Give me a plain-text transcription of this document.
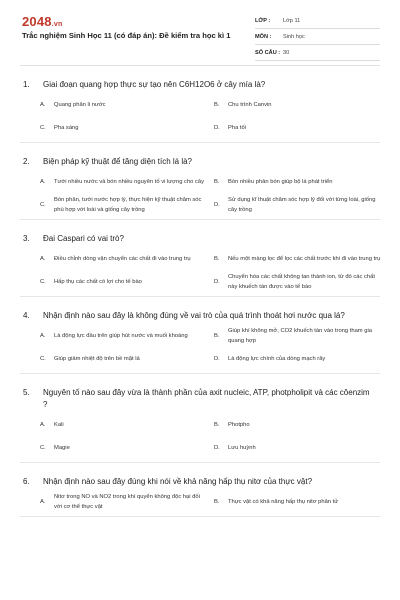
2048.vn
Trắc nghiệm Sinh Học 11 (có đáp án): Đề kiểm tra học kì 1
LỚP :	Lớp 11
MÔN :	Sinh học
SỐ CÂU : 30
1.	Giai đoạn quang hợp thực sự tạo nên C6H12O6 ở cây mía là?
A.	Quang phân li nước	B.	Chu trình Canvin
C.	Pha sáng	D.	Pha tối
2.	Biện pháp kỹ thuật để tăng diện tích lá là?
A.	Tưới nhiều nước và bón nhiều nguyên tố vi lượng cho cây	B.	Bón nhiều phân bón giúp bộ lá phát triển
C.
Bón phân, tưới nước hợp lý, thực hiện kỹ thuật chăm sóc phù hợp với loài và giống cây trồng
D.
Sử dụng kĩ thuật chăm sóc hợp lý đối với từng loài, giống cây trồng
3.	Đai Caspari có vai trò?
A.	Điều chỉnh dòng vận chuyển các chất đi vào trung trụ	B.	Nếu một màng lọc để lọc các chất trước khi đi vào trung trụ
C.	Hấp thụ các chất có lợi cho tế bào	D.
Chuyển hóa các chất không tan thành ion, từ đó các chất này khuếch tán được vào tế bào
4.	Nhận định nào sau đây là không đúng về vai trò của quá trình thoát hơi nước qua lá?
A.	Là động lực đầu trên giúp hút nước và muối khoáng	B.
Giúp khí không mở, CO2 khuếch tán vào trong tham gia quang hợp
C.	Giúp giảm nhiệt độ trên bề mặt lá	D.	Là động lực chính của dòng mạch rây
5.	Nguyên tố nào sau đây vừa là thành phần của axit nucleic, ATP, photpholipit và các côenzim ?
A.	Kali	B.	Photpho
C.	Magie	D.	Lưu huỳnh
6.	Nhận định nào sau đây đúng khi nói về khả năng hấp thụ nitơ của thực vật?
A.
Nitơ trong NO và NO2 trong khí quyển không độc hại đối với cơ thể thực vật
B.	Thực vật có khả năng hấp thụ nitơ phân tử
